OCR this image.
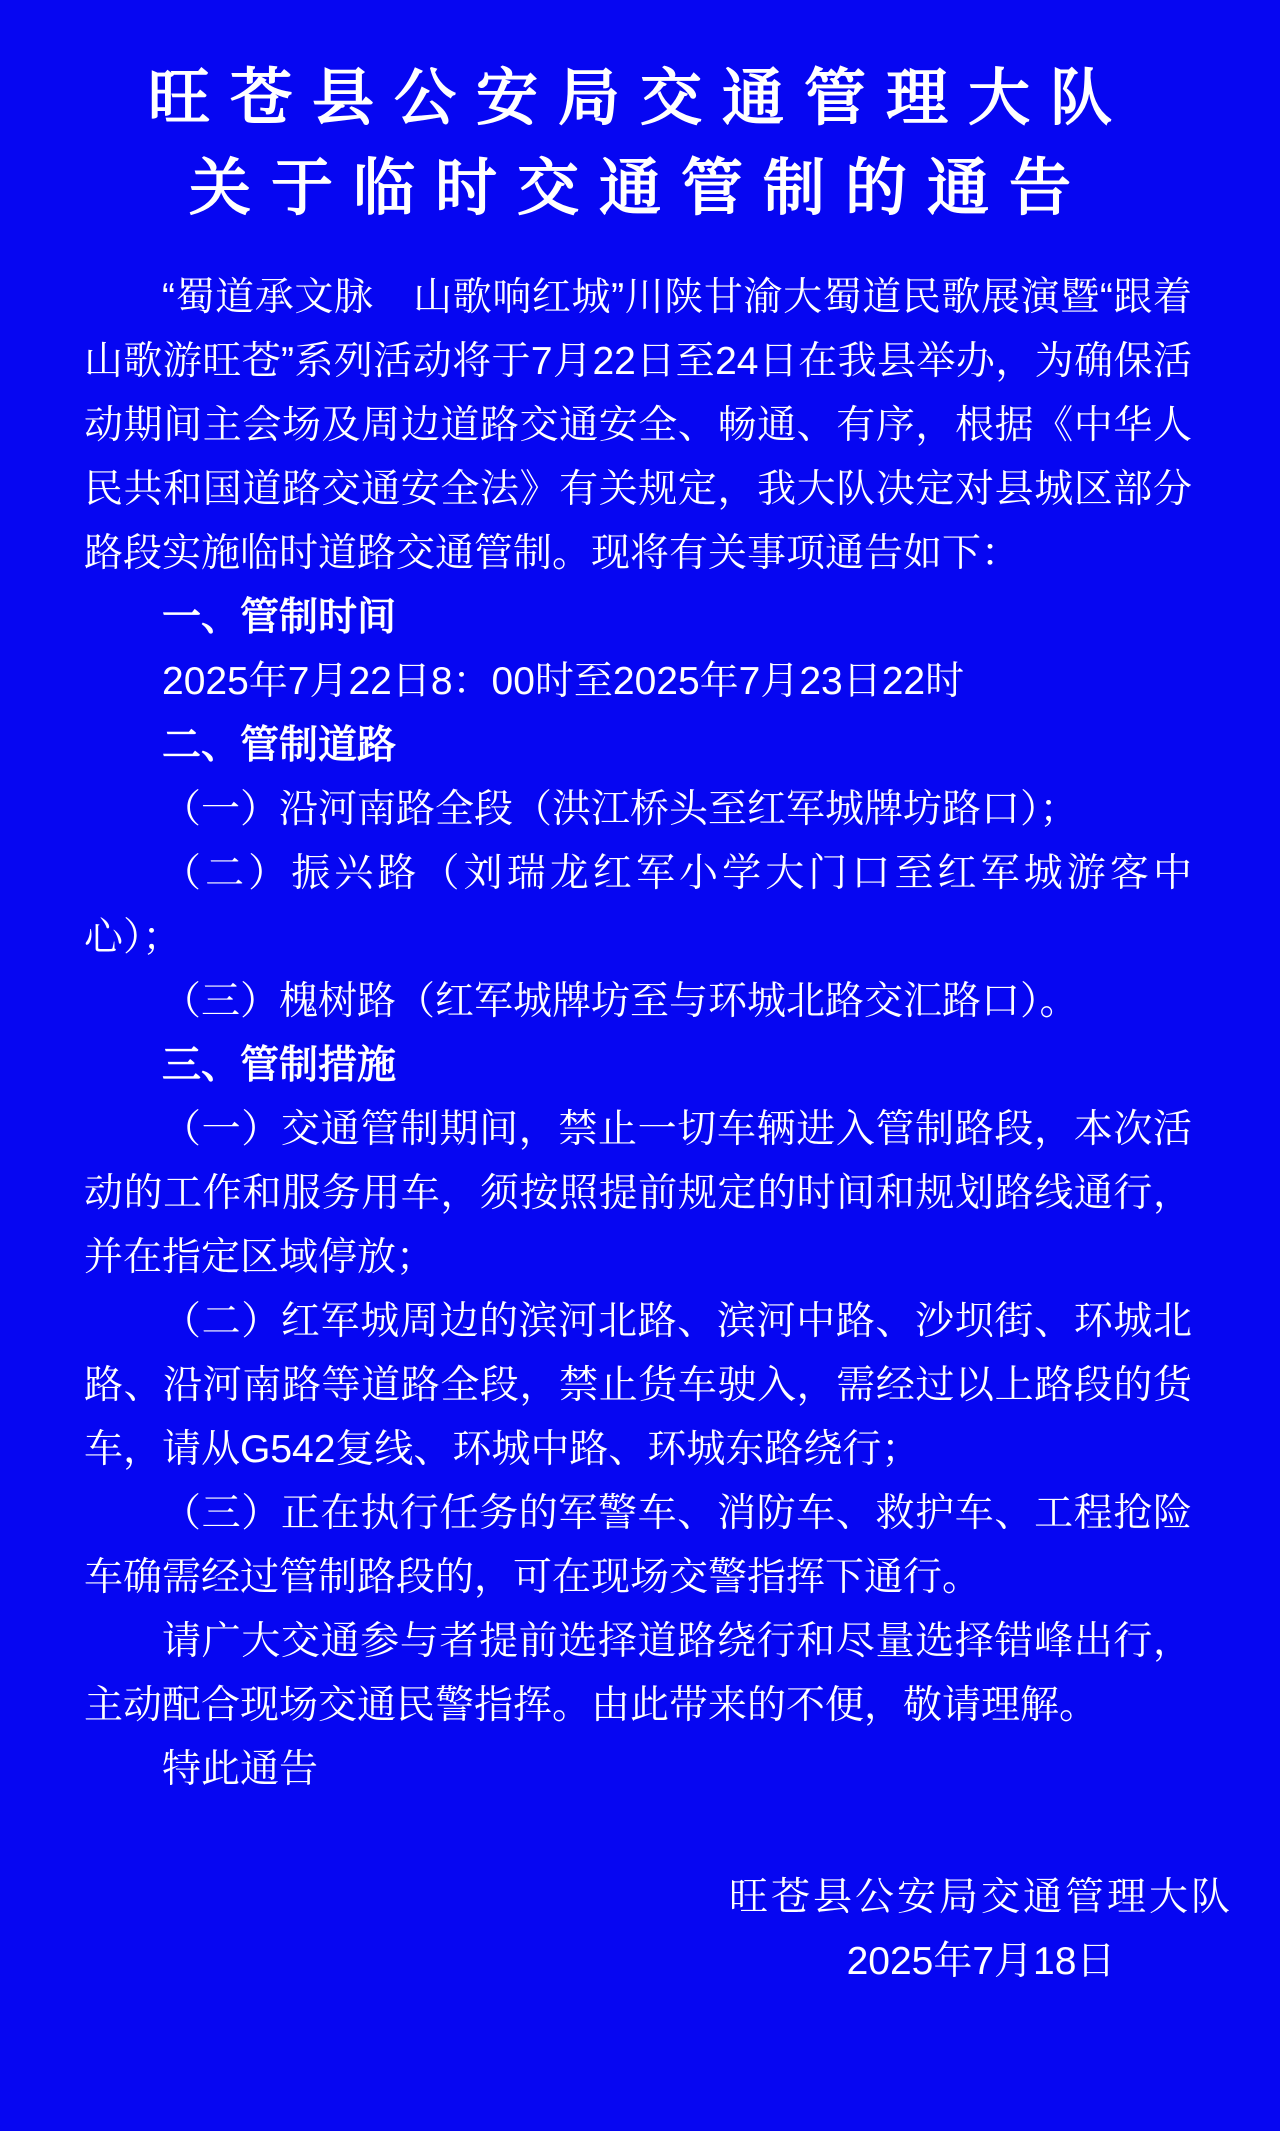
旺苍县公安局交通管理大队
关于临时交通管制的通告

“蜀道承文脉　山歌响红城”川陕甘渝大蜀道民歌展演暨“跟着山歌游旺苍”系列活动将于7月22日至24日在我县举办，为确保活动期间主会场及周边道路交通安全、畅通、有序，根据《中华人民共和国道路交通安全法》有关规定，我大队决定对县城区部分路段实施临时道路交通管制。现将有关事项通告如下：

一、管制时间

2025年7月22日8：00时至2025年7月23日22时

二、管制道路

（一）沿河南路全段（洪江桥头至红军城牌坊路口）；

（二）振兴路（刘瑞龙红军小学大门口至红军城游客中心）；

（三）槐树路（红军城牌坊至与环城北路交汇路口）。

三、管制措施

（一）交通管制期间，禁止一切车辆进入管制路段，本次活动的工作和服务用车，须按照提前规定的时间和规划路线通行，并在指定区域停放；

（二）红军城周边的滨河北路、滨河中路、沙坝街、环城北路、沿河南路等道路全段，禁止货车驶入，需经过以上路段的货车，请从G542复线、环城中路、环城东路绕行；

（三）正在执行任务的军警车、消防车、救护车、工程抢险车确需经过管制路段的，可在现场交警指挥下通行。

请广大交通参与者提前选择道路绕行和尽量选择错峰出行，主动配合现场交通民警指挥。由此带来的不便，敬请理解。

特此通告

旺苍县公安局交通管理大队
2025年7月18日
